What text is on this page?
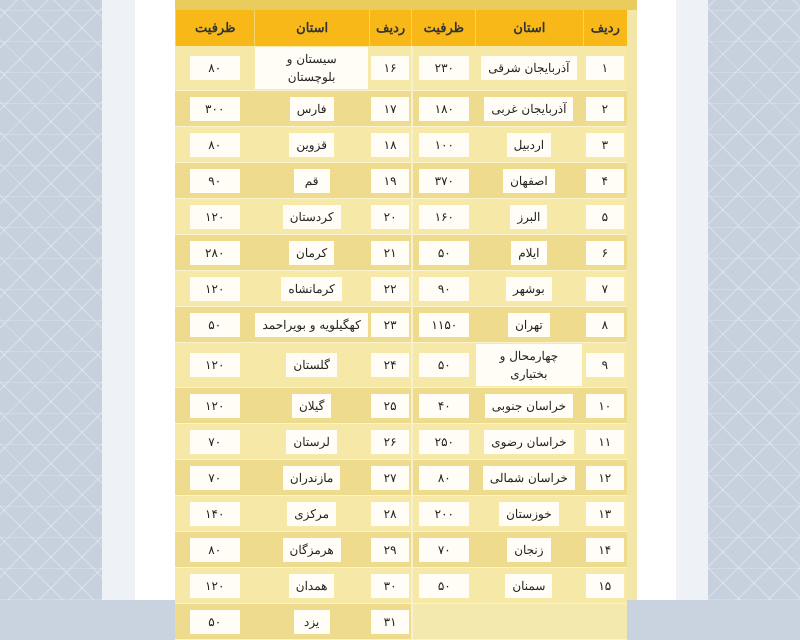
ردیف	استان	ظرفیت	ردیف	استان	ظرفیت
۱	آذربایجان شرقی	۲۳۰	۱۶	سیستان و بلوچستان	۸۰
۲	آذربایجان غربی	۱۸۰	۱۷	فارس	۳۰۰
۳	اردبیل	۱۰۰	۱۸	قزوین	۸۰
۴	اصفهان	۳۷۰	۱۹	قم	۹۰
۵	البرز	۱۶۰	۲۰	کردستان	۱۲۰
۶	ایلام	۵۰	۲۱	کرمان	۲۸۰
۷	بوشهر	۹۰	۲۲	کرمانشاه	۱۲۰
۸	تهران	۱۱۵۰	۲۳	کهگیلویه و بویراحمد	۵۰
۹	چهارمحال و بختیاری	۵۰	۲۴	گلستان	۱۲۰
۱۰	خراسان جنوبی	۴۰	۲۵	گیلان	۱۲۰
۱۱	خراسان رضوی	۲۵۰	۲۶	لرستان	۷۰
۱۲	خراسان شمالی	۸۰	۲۷	مازندران	۷۰
۱۳	خوزستان	۲۰۰	۲۸	مرکزی	۱۴۰
۱۴	زنجان	۷۰	۲۹	هرمزگان	۸۰
۱۵	سمنان	۵۰	۳۰	همدان	۱۲۰
			۳۱	یزد	۵۰
